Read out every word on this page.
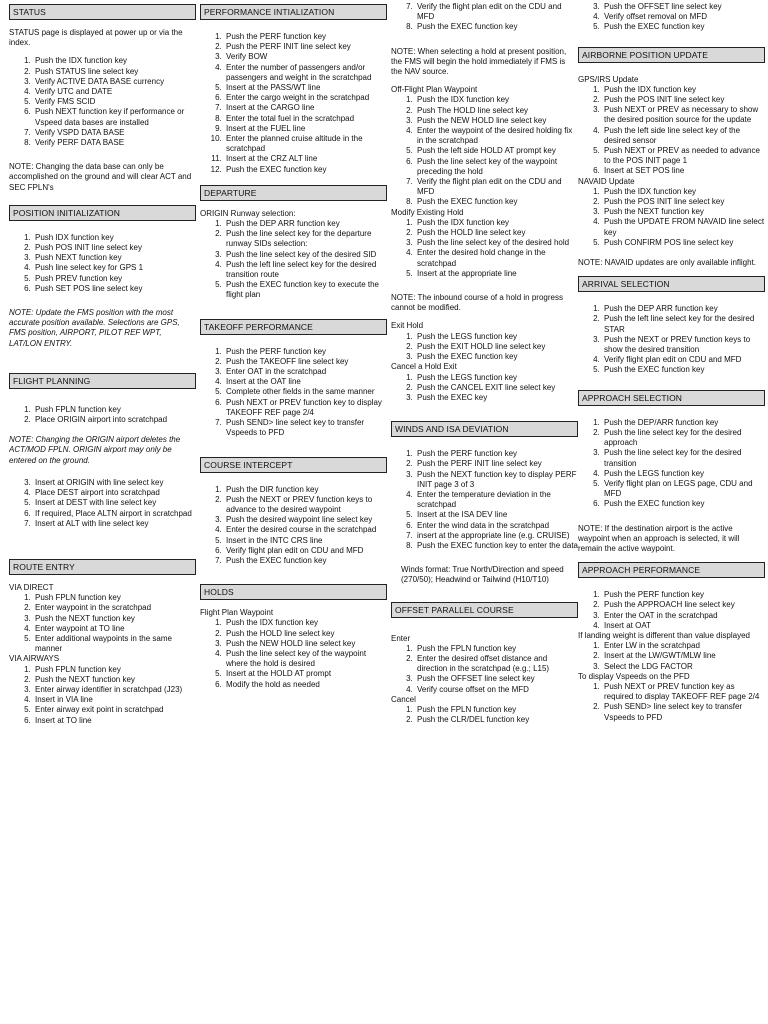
STATUS
STATUS page is displayed at power up or via the index.
1. Push the IDX function key
2. Push STATUS line select key
3. Verify ACTIVE DATA BASE currency
4. Verify UTC and DATE
5. Verify FMS SCID
6. Push NEXT function key if performance or Vspeed data bases are installed
7. Verify VSPD DATA BASE
8. Verify PERF DATA BASE
NOTE: Changing the data base can only be accomplished on the ground and will clear ACT and SEC FPLN's
POSITION INITIALIZATION
1. Push IDX function key
2. Push POS INIT line select key
3. Push NEXT function key
4. Push line select key for GPS 1
5. Push PREV function key
6. Push SET POS line select key
NOTE: Update the FMS position with the most accurate position available. Selections are GPS, FMS position, AIRPORT, PILOT REF WPT, LAT/LON ENTRY.
FLIGHT PLANNING
1. Push FPLN function key
2. Place ORIGIN airport into scratchpad
NOTE: Changing the ORIGIN airport deletes the ACT/MOD FPLN. ORIGIN airport may only be entered on the ground.
3. Insert at ORIGIN with line select key
4. Place DEST airport into scratchpad
5. Insert at DEST with line select key
6. If required, Place ALTN airport in scratchpad
7. Insert at ALT with line select key
ROUTE ENTRY
VIA DIRECT
1. Push FPLN function key
2. Enter waypoint in the scratchpad
3. Push the NEXT function key
4. Enter waypoint at TO line
5. Enter additional waypoints in the same manner
VIA AIRWAYS
1. Push FPLN function key
2. Push the NEXT function key
3. Enter airway identifier in scratchpad (J23)
4. Insert in VIA line
5. Enter airway exit point in scratchpad
6. Insert at TO line
PERFORMANCE INTIALIZATION
1. Push the PERF function key
2. Push the PERF INIT line select key
3. Verify BOW
4. Enter the number of passengers and/or passengers and weight in the scratchpad
5. Insert at the PASS/WT line
6. Enter the cargo weight in the scratchpad
7. Insert at the CARGO line
8. Enter the total fuel in the scratchpad
9. Insert at the FUEL line
10. Enter the planned cruise altitude in the scratchpad
11. Insert at the CRZ ALT line
12. Push the EXEC function key
DEPARTURE
ORIGIN Runway selection:
1. Push the DEP ARR function key
2. Push the line select key for the departure runway SIDs selection:
3. Push the line select key of the desired SID
4. Push the left line select key for the desired transition route
5. Push the EXEC function key to execute the flight plan
TAKEOFF PERFORMANCE
1. Push the PERF function key
2. Push the TAKEOFF line select key
3. Enter OAT in the scratchpad
4. Insert at the OAT line
5. Complete other fields in the same manner
6. Push NEXT or PREV function key to display TAKEOFF REF page 2/4
7. Push SEND> line select key to transfer Vspeeds to PFD
COURSE INTERCEPT
1. Push the DIR function key
2. Push the NEXT or PREV function keys to advance to the desired waypoint
3. Push the desired waypoint line select key
4. Enter the desired course in the scratchpad
5. Insert in the INTC CRS line
6. Verify flight plan edit on CDU and MFD
7. Push the EXEC function key
HOLDS
Flight Plan Waypoint
1. Push the IDX function key
2. Push the HOLD line select key
3. Push the NEW HOLD line select key
4. Push the line select key of the waypoint where the hold is desired
5. Insert at the HOLD AT prompt
6. Modify the hold as needed
7. Verify the flight plan edit on the CDU and MFD
8. Push the EXEC function key
NOTE: When selecting a hold at present position, the FMS will begin the hold immediately if FMS is the NAV source.
Off-Flight Plan Waypoint
1. Push the IDX function key
2. Push The HOLD line select key
3. Push the NEW HOLD line select key
4. Enter the waypoint of the desired holding fix in the scratchpad
5. Push the left side HOLD AT prompt key
6. Push the line select key of the waypoint preceding the hold
7. Verify the flight plan edit on the CDU and MFD
8. Push the EXEC function key
Modify Existing Hold
1. Push the IDX function key
2. Push the HOLD line select key
3. Push the line select key of the desired hold
4. Enter the desired hold change in the scratchpad
5. Insert at the appropriate line
NOTE: The inbound course of a hold in progress cannot be modified.
Exit Hold
1. Push the LEGS function key
2. Push the EXIT HOLD line select key
3. Push the EXEC function key
Cancel a Hold Exit
1. Push the LEGS function key
2. Push the CANCEL EXIT line select key
3. Push the EXEC key
WINDS AND ISA DEVIATION
1. Push the PERF function key
2. Push the PERF INIT line select key
3. Push the NEXT function key to display PERF INIT page 3 of 3
4. Enter the temperature deviation in the scratchpad
5. Insert at the ISA DEV line
6. Enter the wind data in the scratchpad
7. insert at the appropriate line (e.g. CRUISE)
8. Push the EXEC function key to enter the data
Winds format: True North/Direction and speed (270/50); Headwind or Tailwind (H10/T10)
OFFSET PARALLEL COURSE
Enter
1. Push the FPLN function key
2. Enter the desired offset distance and direction in the scratchpad (e.g.; L15)
3. Push the OFFSET line select key
4. Verify course offset on the MFD
Cancel
1. Push the FPLN function key
2. Push the CLR/DEL function key
3. Push the OFFSET line select key
4. Verify offset removal on MFD
5. Push the EXEC function key
AIRBORNE POSITION UPDATE
GPS/IRS Update
1. Push the IDX function key
2. Push the POS INIT line select key
3. Push NEXT or PREV as necessary to show the desired position source for the update
4. Push the left side line select key of the desired sensor
5. Push NEXT or PREV as needed to advance to the POS INIT page 1
6. Insert at SET POS line
NAVAID Update
1. Push the IDX function key
2. Push the POS INIT line select key
3. Push the NEXT function key
4. Push the UPDATE FROM NAVAID line select key
5. Push CONFIRM POS line select key
NOTE: NAVAID updates are only available inflight.
ARRIVAL SELECTION
1. Push the DEP ARR function key
2. Push the left line select key for the desired STAR
3. Push the NEXT or PREV function keys to show the desired transition
4. Verify flight plan edit on CDU and MFD
5. Push the EXEC function key
APPROACH SELECTION
1. Push the DEP/ARR function key
2. Push the line select key for the desired approach
3. Push the line select key for the desired transition
4. Push the LEGS function key
5. Verify flight plan on LEGS page, CDU and MFD
6. Push the EXEC function key
NOTE: If the destination airport is the active waypoint when an approach is selected, it will remain the active waypoint.
APPROACH PERFORMANCE
1. Push the PERF function key
2. Push the APPROACH line select key
3. Enter the OAT in the scratchpad
4. Insert at OAT
If landing weight is different than value displayed
1. Enter LW in the scratchpad
2. Insert at the LW/GWT/MLW line
3. Select the LDG FACTOR
To display Vspeeds on the PFD
1. Push NEXT or PREV function key as required to display TAKEOFF REF page 2/4
2. Push SEND> line select key to transfer Vspeeds to PFD
